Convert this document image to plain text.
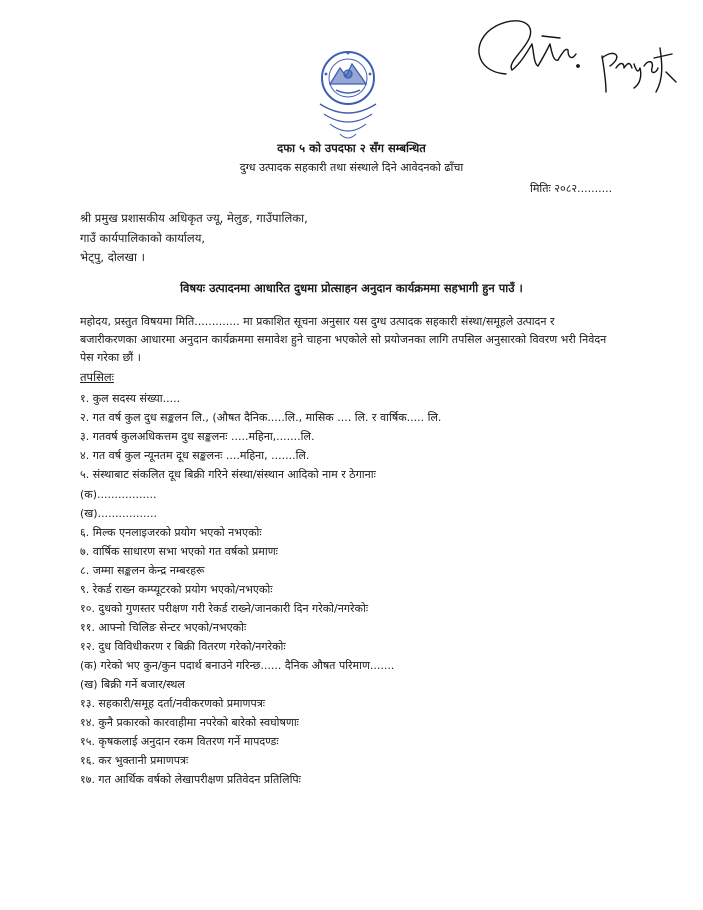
दफा ५ को उपदफा २ सँग सम्बन्धित
दुग्ध उत्पादक सहकारी तथा संस्थाले दिने आवेदनको ढाँचा
मितिः २०८२..........
श्री प्रमुख प्रशासकीय अधिकृत ज्यू, मेलुङ, गाउँपालिका,
गाउँ कार्यपालिकाको कार्यालय,
भेट्पु, दोलखा ।
विषयः उत्पादनमा आधारित दुधमा प्रोत्साहन अनुदान कार्यक्रममा सहभागी हुन पाउँ ।
महोदय, प्रस्तुत विषयमा मिति............. मा प्रकाशित सूचना अनुसार यस दुग्ध उत्पादक सहकारी संस्था/समूहले उत्पादन र
बजारीकरणका आधारमा अनुदान कार्यक्रममा समावेश हुने चाहना भएकोले सो प्रयोजनका लागि तपसिल अनुसारको विवरण भरी निवेदन
पेस गरेका छौं ।
तपसिलः
१. कुल सदस्य संख्या.....
२. गत वर्ष कुल दुध सङ्कलन लि., (औषत दैनिक.....लि., मासिक .... लि. र वार्षिक..... लि.
३. गतवर्ष कुलअधिकत्तम दुध सङ्कलनः .....महिना,.......लि.
४. गत वर्ष कुल न्यूनतम दूध सङ्कलनः ....महिना, .......लि.
५. संस्थाबाट संकलित दूध बिक्री गरिने संस्था/संस्थान आदिको नाम र ठेगानाः
(क).................
(ख).................
६. मिल्क एनलाइजरको प्रयोग भएको नभएकोः
७. वार्षिक साधारण सभा भएको गत वर्षको प्रमाणः
८. जम्मा सङ्कलन केन्द्र नम्बरहरू
९. रेकर्ड राख्न कम्प्यूटरको प्रयोग भएको/नभएकोः
१०. दुधको गुणस्तर परीक्षण गरी रेकर्ड राख्ने/जानकारी दिन गरेको/नगरेकोः
११. आफ्नो चिलिङ सेन्टर भएको/नभएकोः
१२. दुध विविधीकरण र बिक्री वितरण गरेको/नगरेकोः
(क) गरेको भए कुन/कुन पदार्थ बनाउने गरिन्छ...... दैनिक औषत परिमाण.......
(ख) बिक्री गर्ने बजार/स्थल
१३. सहकारी/समूह दर्ता/नवीकरणको प्रमाणपत्रः
१४. कुनै प्रकारको कारवाहीमा नपरेको बारेको स्वघोषणाः
१५. कृषकलाई अनुदान रकम वितरण गर्ने मापदण्डः
१६. कर भुक्तानी प्रमाणपत्रः
१७. गत आर्थिक वर्षको लेखापरीक्षण प्रतिवेदन प्रतिलिपिः
